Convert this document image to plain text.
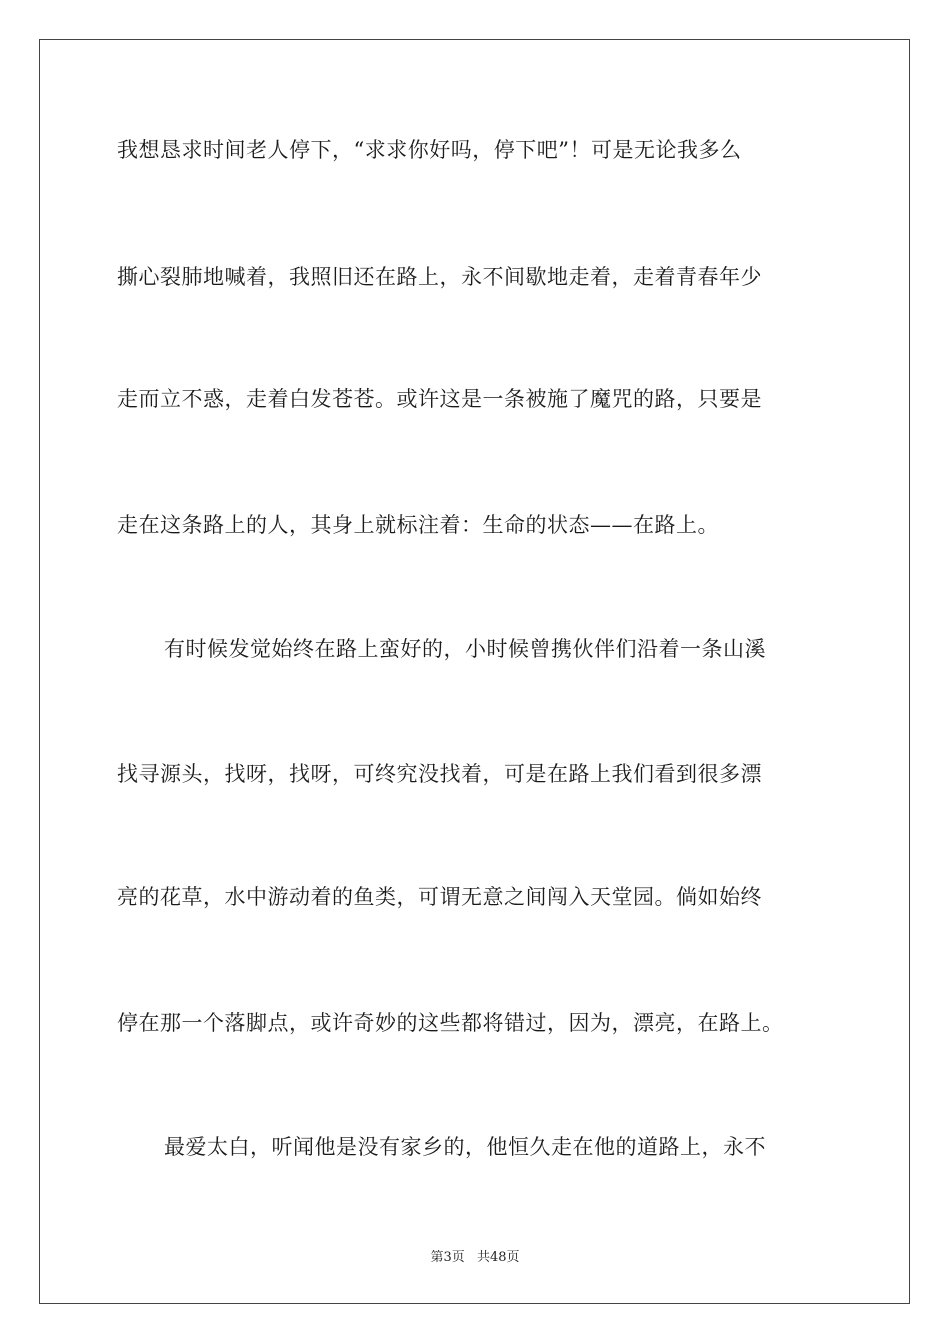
我想恳求时间老人停下，“求求你好吗，停下吧”！可是无论我多么
撕心裂肺地喊着，我照旧还在路上，永不间歇地走着，走着青春年少
走而立不惑，走着白发苍苍。或许这是一条被施了魔咒的路，只要是
走在这条路上的人，其身上就标注着：生命的状态——在路上。
有时候发觉始终在路上蛮好的，小时候曾携伙伴们沿着一条山溪
找寻源头，找呀，找呀，可终究没找着，可是在路上我们看到很多漂
亮的花草，水中游动着的鱼类，可谓无意之间闯入天堂园。倘如始终
停在那一个落脚点，或许奇妙的这些都将错过，因为，漂亮，在路上。
最爱太白，听闻他是没有家乡的，他恒久走在他的道路上，永不
第3页 共48页
